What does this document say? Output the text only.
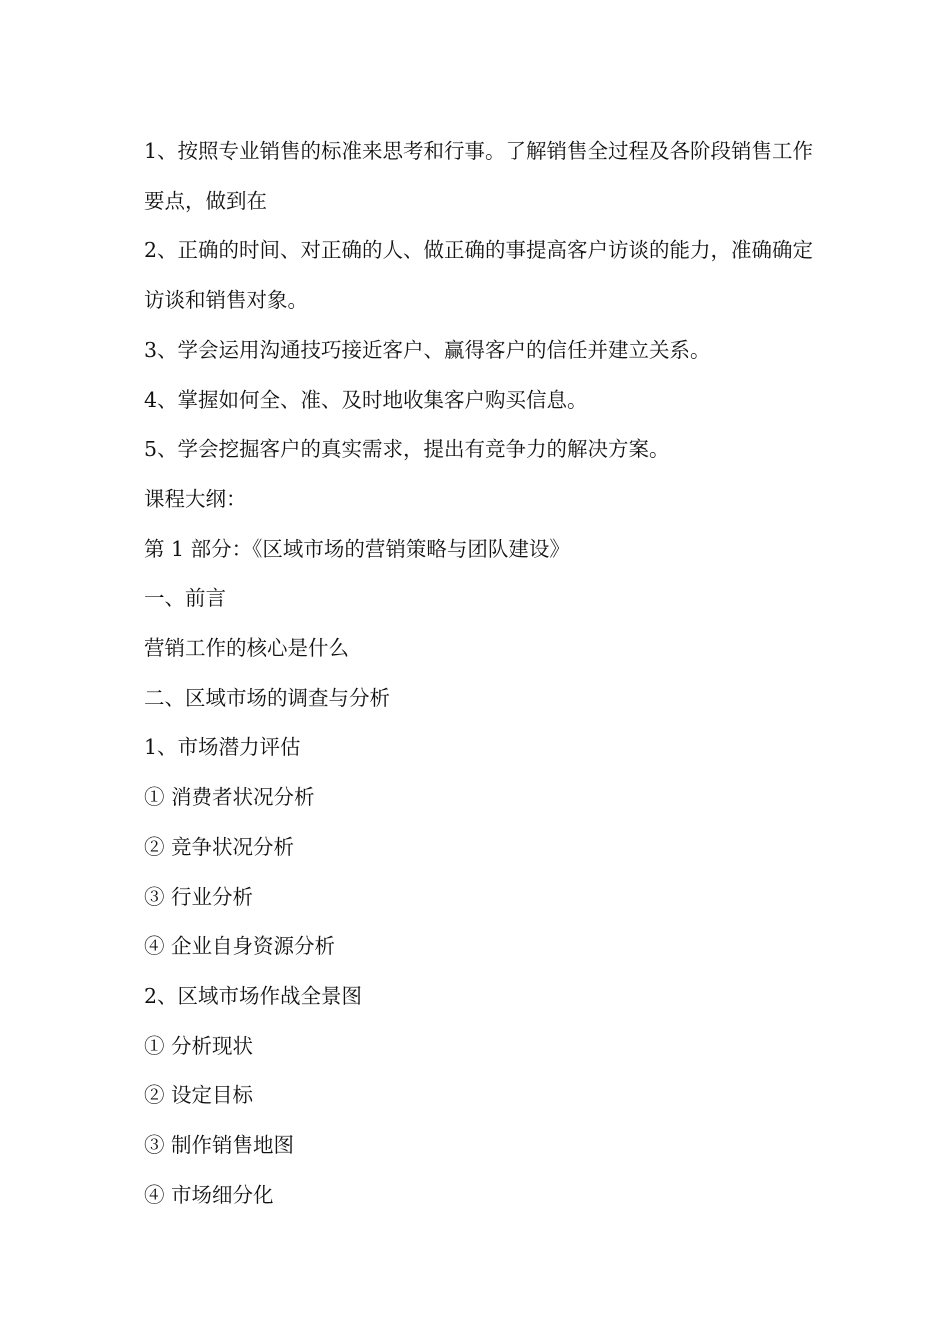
1、按照专业销售的标准来思考和行事。了解销售全过程及各阶段销售工作要点，做到在

2、正确的时间、对正确的人、做正确的事提高客户访谈的能力，准确确定访谈和销售对象。

3、学会运用沟通技巧接近客户、赢得客户的信任并建立关系。

4、掌握如何全、准、及时地收集客户购买信息。

5、学会挖掘客户的真实需求，提出有竞争力的解决方案。

课程大纲：

第 1 部分：《区域市场的营销策略与团队建设》

一、前言

营销工作的核心是什么

二、区域市场的调查与分析

1、市场潜力评估

① 消费者状况分析

② 竞争状况分析

③ 行业分析

④ 企业自身资源分析

2、区域市场作战全景图

① 分析现状

② 设定目标

③ 制作销售地图

④ 市场细分化
